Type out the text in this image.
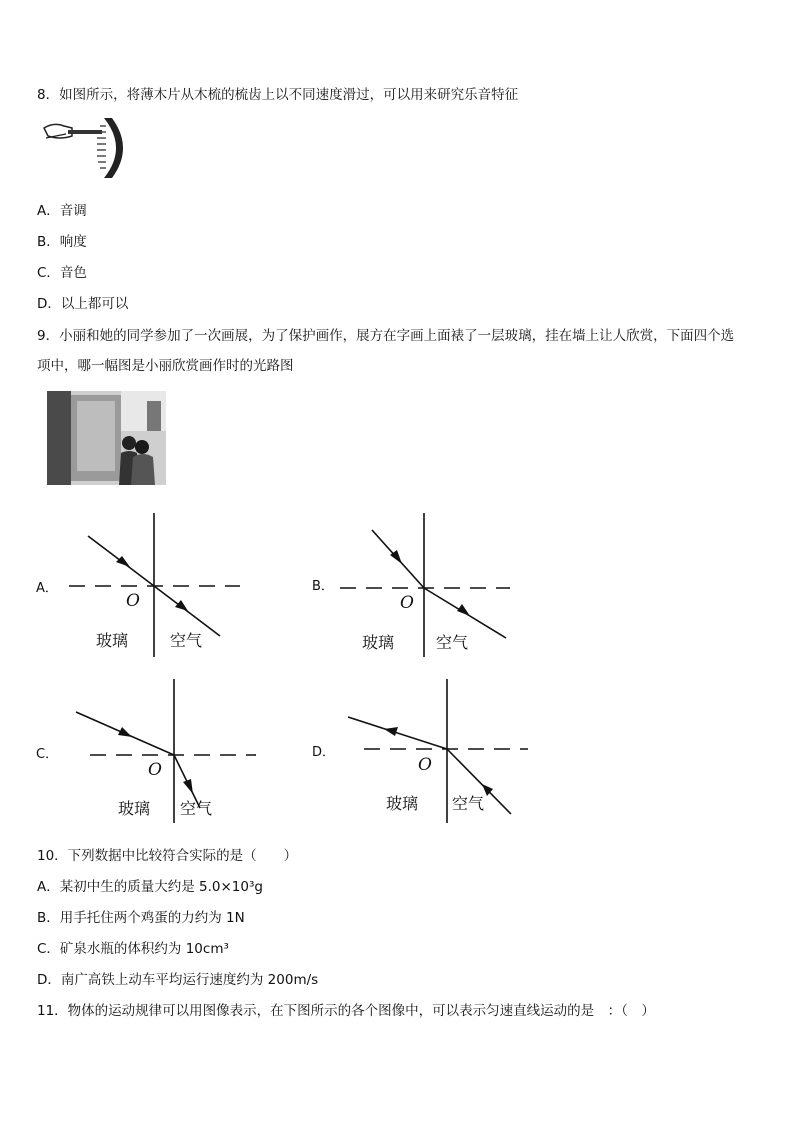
8．如图所示，将薄木片从木梳的梳齿上以不同速度滑过，可以用来研究乐音特征
A．音调
B．响度
C．音色
D．以上都可以
9．小丽和她的同学参加了一次画展，为了保护画作，展方在字画上面裱了一层玻璃，挂在墙上让人欣赏，下面四个选
项中，哪一幅图是小丽欣赏画作时的光路图
A．
O
玻璃	空气
B．
O
玻璃	空气
C．
O
玻璃 空气
D．
O
玻璃 空气
10．下列数据中比较符合实际的是（　　）
A．某初中生的质量大约是 5.0×10³g
B．用手托住两个鸡蛋的力约为 1N
C．矿泉水瓶的体积约为 10cm³
D．南广高铁上动车平均运行速度约为 200m/s
11．物体的运动规律可以用图像表示，在下图所示的各个图像中，可以表示匀速直线运动的是　：（　）
